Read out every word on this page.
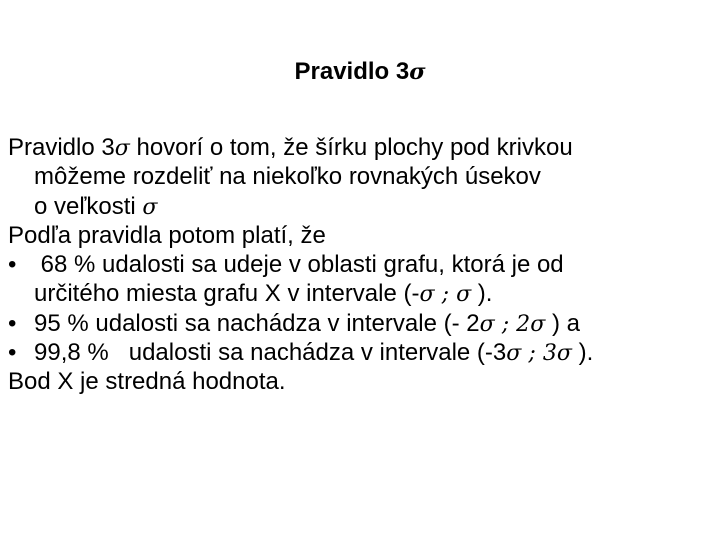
Pravidlo 3σ
Pravidlo 3σ hovorí o tom, že šírku plochy pod krivkou
môžeme rozdeliť na niekoľko rovnakých úsekov
o veľkosti σ
Podľa pravidla potom platí, že
• 68 % udalosti sa udeje v oblasti grafu, ktorá je od
určitého miesta grafu X v intervale (-σ ; σ ).
• 95 % udalosti sa nachádza v intervale (- 2σ ; 2σ ) a
• 99,8 %   udalosti sa nachádza v intervale (-3σ ; 3σ ).
Bod X je stredná hodnota.
